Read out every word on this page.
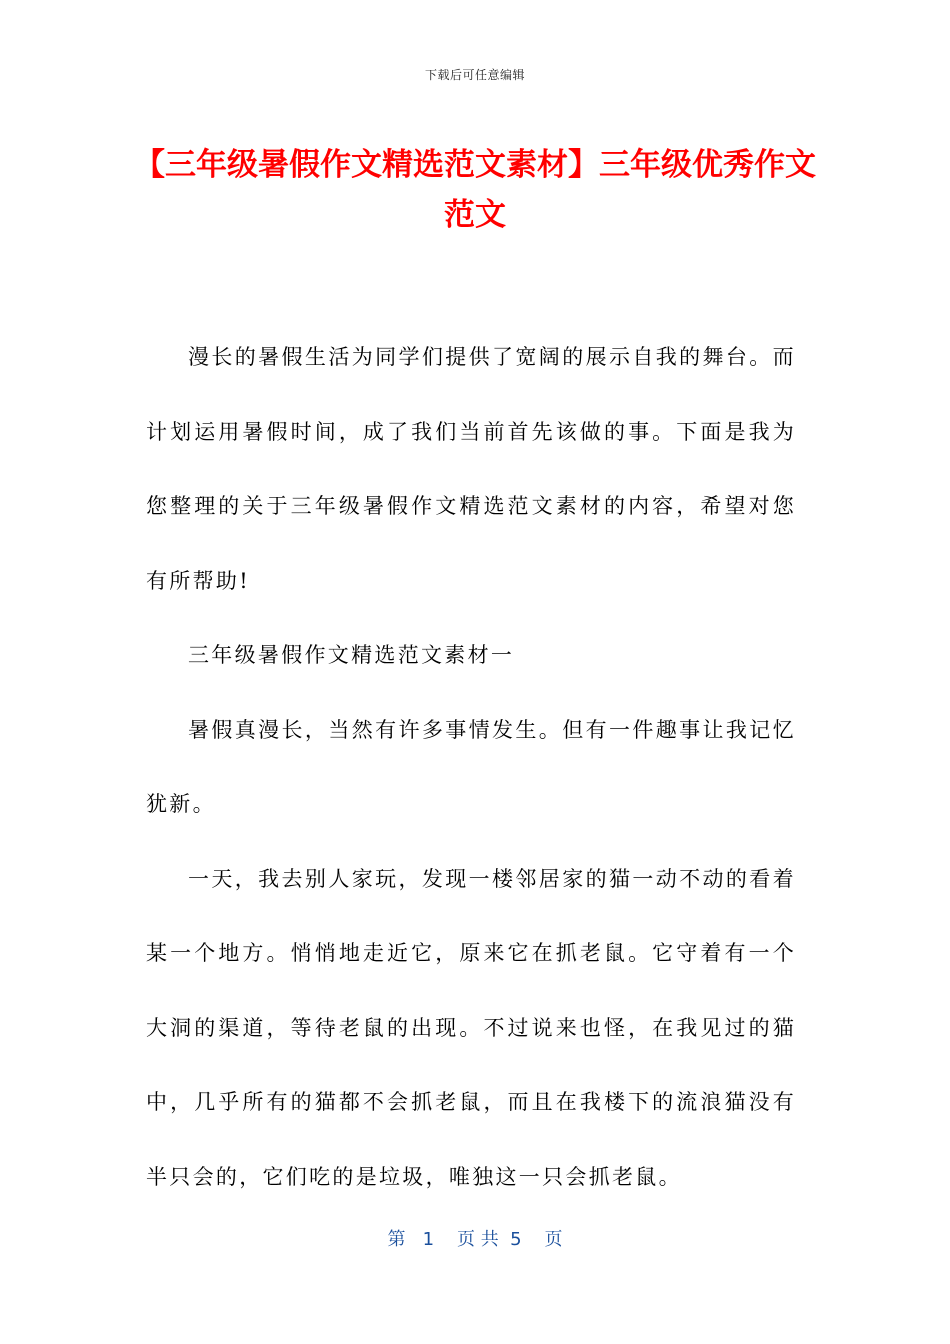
下载后可任意编辑
【三年级暑假作文精选范文素材】三年级优秀作文范文

漫长的暑假生活为同学们提供了宽阔的展示自我的舞台。而计划运用暑假时间，成了我们当前首先该做的事。下面是我为您整理的关于三年级暑假作文精选范文素材的内容，希望对您有所帮助!

三年级暑假作文精选范文素材一

暑假真漫长，当然有许多事情发生。但有一件趣事让我记忆犹新。

一天，我去别人家玩，发现一楼邻居家的猫一动不动的看着某一个地方。悄悄地走近它，原来它在抓老鼠。它守着有一个大洞的渠道，等待老鼠的出现。不过说来也怪，在我见过的猫中，几乎所有的猫都不会抓老鼠，而且在我楼下的流浪猫没有半只会的，它们吃的是垃圾，唯独这一只会抓老鼠。

第   1    页 共  5    页
